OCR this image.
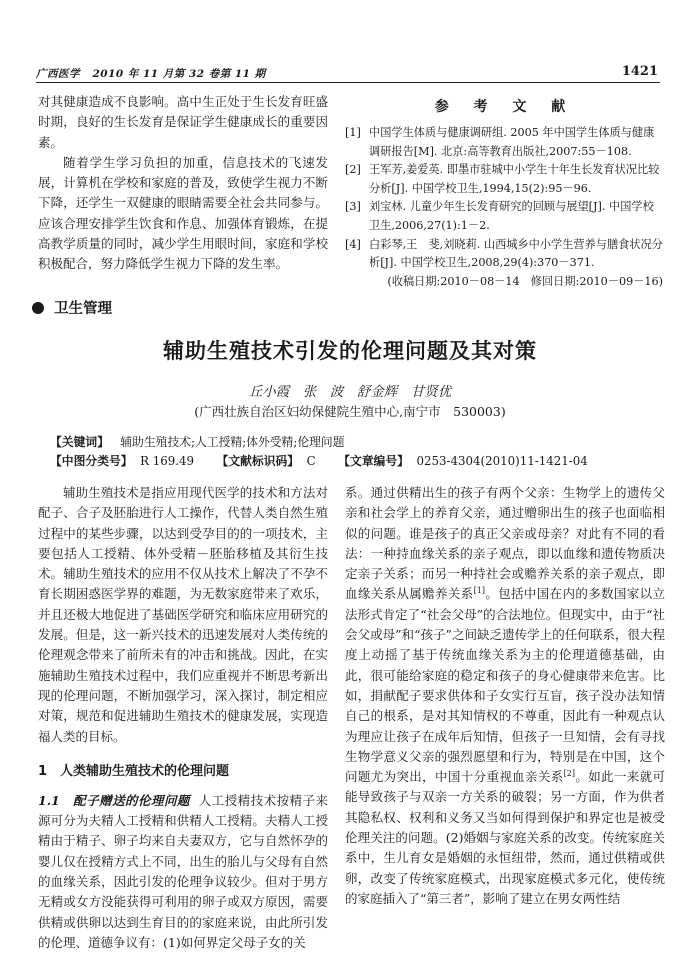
广西医学 2010 年 11 月第 32 卷第 11 期	1421

对其健康造成不良影响。高中生正处于生长发育旺盛时期，良好的生长发育是保证学生健康成长的重要因素。

随着学生学习负担的加重，信息技术的飞速发展，计算机在学校和家庭的普及，致使学生视力不断下降，还学生一双健康的眼睛需要全社会共同参与。应该合理安排学生饮食和作息、加强体育锻炼，在提高教学质量的同时，减少学生用眼时间，家庭和学校积极配合，努力降低学生视力下降的发生率。

参 考 文 献

[1] 中国学生体质与健康调研组. 2005 年中国学生体质与健康调研报告[M]. 北京:高等教育出版社,2007:55－108.

[2] 王军芳,姜爱英. 即墨市驻城中小学生十年生长发育状况比较分析[J]. 中国学校卫生,1994,15(2):95－96.

[3] 刘宝林. 儿童少年生长发育研究的回顾与展望[J]. 中国学校卫生,2006,27(1):1－2.

[4] 白彩琴,王　斐,刘晓莉. 山西城乡中小学生营养与膳食状况分析[J]. 中国学校卫生,2008,29(4):370－371.

(收稿日期:2010－08－14　修回日期:2010－09－16)

卫生管理
辅助生殖技术引发的伦理问题及其对策
丘小霞　张　波　舒金辉　甘贤优
(广西壮族自治区妇幼保健院生殖中心,南宁市　530003)
【关键词】 辅助生殖技术;人工授精;体外受精;伦理问题
【中图分类号】 R 169.49 【文献标识码】 C 【文章编号】 0253-4304(2010)11-1421-04

辅助生殖技术是指应用现代医学的技术和方法对配子、合子及胚胎进行人工操作，代替人类自然生殖过程中的某些步骤，以达到受孕目的的一项技术，主要包括人工授精、体外受精－胚胎移植及其衍生技术。辅助生殖技术的应用不仅从技术上解决了不孕不育长期困惑医学界的难题，为无数家庭带来了欢乐，并且还极大地促进了基础医学研究和临床应用研究的发展。但是，这一新兴技术的迅速发展对人类传统的伦理观念带来了前所未有的冲击和挑战。因此，在实施辅助生殖技术过程中，我们应重视并不断思考新出现的伦理问题，不断加强学习，深入探讨，制定相应对策，规范和促进辅助生殖技术的健康发展，实现造福人类的目标。

1　人类辅助生殖技术的伦理问题

1.1　配子赠送的伦理问题 人工授精技术按精子来源可分为夫精人工授精和供精人工授精。夫精人工授精由于精子、卵子均来自夫妻双方，它与自然怀孕的婴儿仅在授精方式上不同，出生的胎儿与父母有自然的血缘关系，因此引发的伦理争议较少。但对于男方无精或女方没能获得可利用的卵子或双方原因，需要供精或供卵以达到生育目的的家庭来说，由此所引发的伦理、道德争议有：(1)如何界定父母子女的关

系。通过供精出生的孩子有两个父亲：生物学上的遗传父亲和社会学上的养育父亲，通过赠卵出生的孩子也面临相似的问题。谁是孩子的真正父亲或母亲？对此有不同的看法：一种持血缘关系的亲子观点，即以血缘和遗传物质决定亲子关系；而另一种持社会或赡养关系的亲子观点，即血缘关系从属赡养关系[1]。包括中国在内的多数国家以立法形式肯定了“社会父母”的合法地位。但现实中，由于“社会父或母”和“孩子”之间缺乏遗传学上的任何联系，很大程度上动摇了基于传统血缘关系为主的伦理道德基础，由此，很可能给家庭的稳定和孩子的身心健康带来危害。比如，捐献配子要求供体和子女实行互盲，孩子没办法知情自己的根系，是对其知情权的不尊重，因此有一种观点认为理应让孩子在成年后知情，但孩子一旦知情，会有寻找生物学意义父亲的强烈愿望和行为，特别是在中国，这个问题尤为突出，中国十分重视血亲关系[2]。如此一来就可能导致孩子与双亲一方关系的破裂；另一方面，作为供者其隐私权、权利和义务又当如何得到保护和界定也是被受伦理关注的问题。(2)婚姻与家庭关系的改变。传统家庭关系中，生儿育女是婚姻的永恒纽带，然而，通过供精或供卵，改变了传统家庭模式，出现家庭模式多元化，使传统的家庭插入了“第三者”，影响了建立在男女两性结
